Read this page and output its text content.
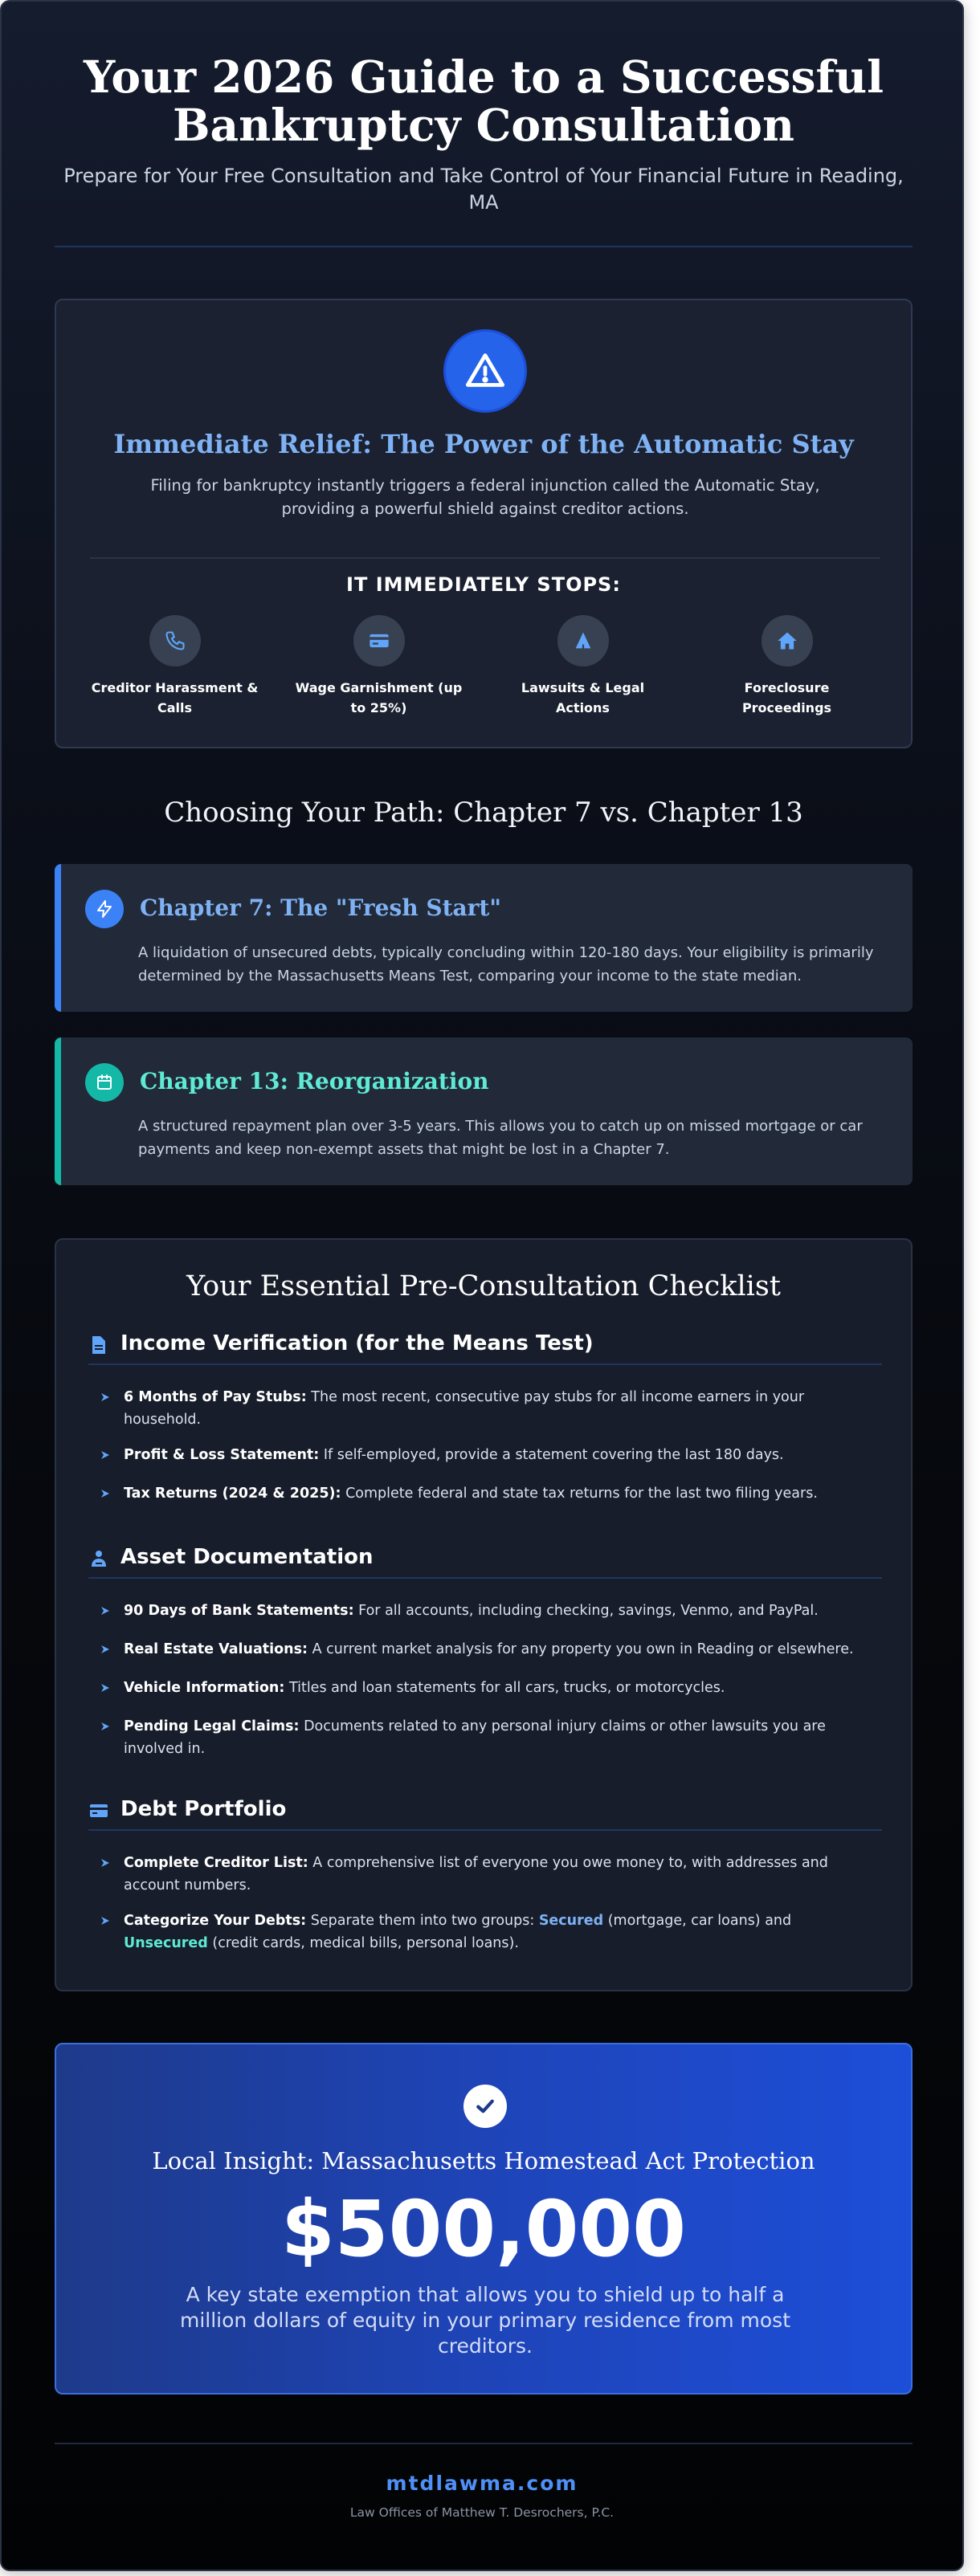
Your 2026 Guide to a Successful
Bankruptcy Consultation
Prepare for Your Free Consultation and Take Control of Your Financial Future in Reading, MA
Immediate Relief: The Power of the Automatic Stay
Filing for bankruptcy instantly triggers a federal injunction called the Automatic Stay, providing a powerful shield against creditor actions.
IT IMMEDIATELY STOPS:
Creditor Harassment & Calls
Wage Garnishment (up to 25%)
Lawsuits & Legal Actions
Foreclosure Proceedings
Choosing Your Path: Chapter 7 vs. Chapter 13
Chapter 7: The "Fresh Start"
A liquidation of unsecured debts, typically concluding within 120-180 days. Your eligibility is primarily determined by the Massachusetts Means Test, comparing your income to the state median.
Chapter 13: Reorganization
A structured repayment plan over 3-5 years. This allows you to catch up on missed mortgage or car payments and keep non-exempt assets that might be lost in a Chapter 7.
Your Essential Pre-Consultation Checklist
Income Verification (for the Means Test)
6 Months of Pay Stubs: The most recent, consecutive pay stubs for all income earners in your household.
Profit & Loss Statement: If self-employed, provide a statement covering the last 180 days.
Tax Returns (2024 & 2025): Complete federal and state tax returns for the last two filing years.
Asset Documentation
90 Days of Bank Statements: For all accounts, including checking, savings, Venmo, and PayPal.
Real Estate Valuations: A current market analysis for any property you own in Reading or elsewhere.
Vehicle Information: Titles and loan statements for all cars, trucks, or motorcycles.
Pending Legal Claims: Documents related to any personal injury claims or other lawsuits you are involved in.
Debt Portfolio
Complete Creditor List: A comprehensive list of everyone you owe money to, with addresses and account numbers.
Categorize Your Debts: Separate them into two groups: Secured (mortgage, car loans) and Unsecured (credit cards, medical bills, personal loans).
Local Insight: Massachusetts Homestead Act Protection
$500,000
A key state exemption that allows you to shield up to half a million dollars of equity in your primary residence from most creditors.
mtdlawma.com
Law Offices of Matthew T. Desrochers, P.C.
